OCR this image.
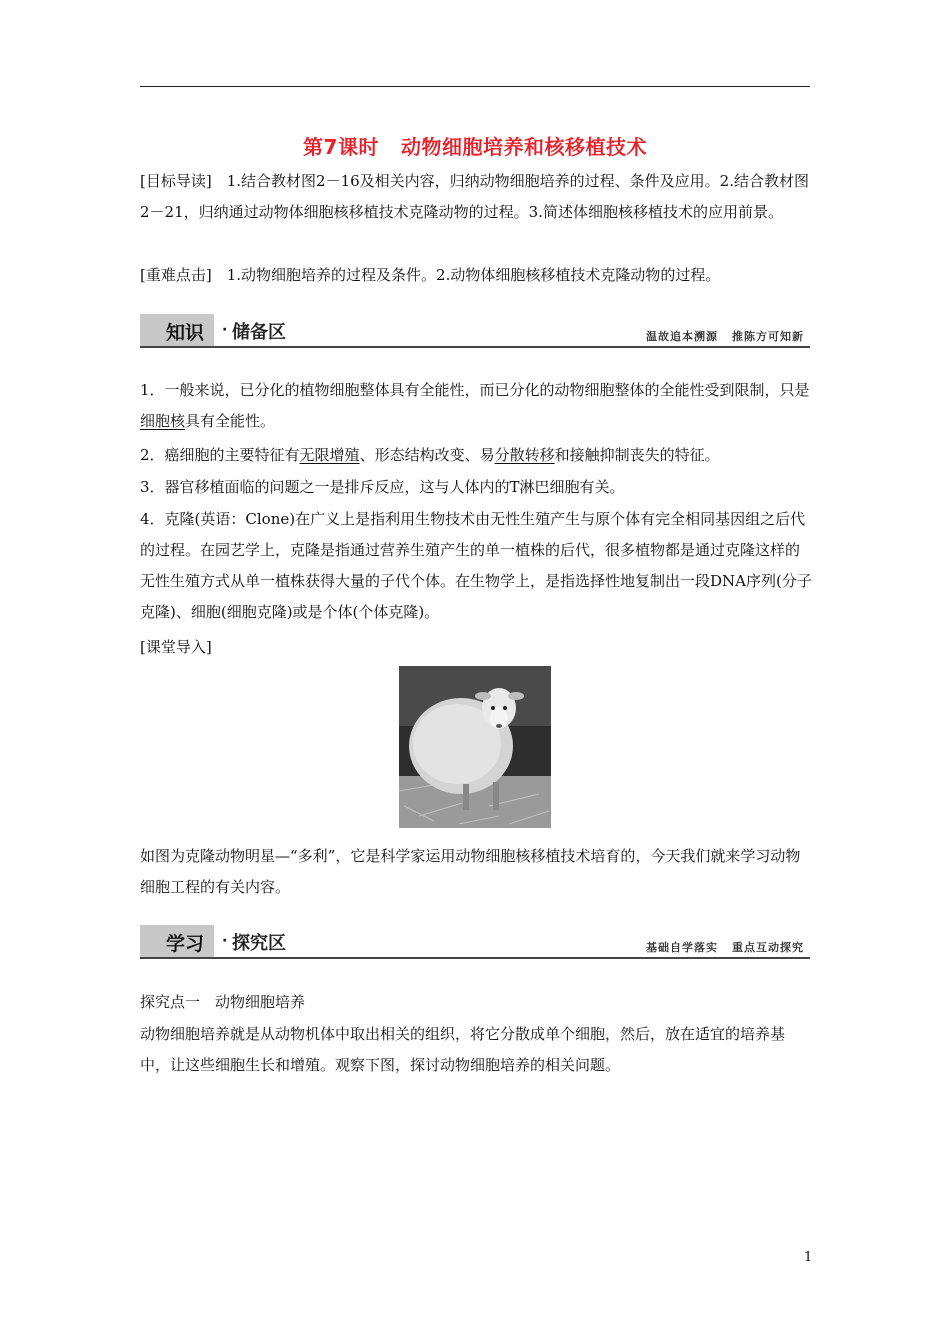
第7课时 动物细胞培养和核移植技术

[目标导读]　1.结合教材图2－16及相关内容，归纳动物细胞培养的过程、条件及应用。2.结合教材图2－21，归纳通过动物体细胞核移植技术克隆动物的过程。3.简述体细胞核移植技术的应用前景。

[重难点击]　1.动物细胞培养的过程及条件。2.动物体细胞核移植技术克隆动物的过程。

知识 · 储备区	温故追本溯源 推陈方可知新

1．一般来说，已分化的植物细胞整体具有全能性，而已分化的动物细胞整体的全能性受到限制，只是细胞核具有全能性。

2．癌细胞的主要特征有无限增殖、形态结构改变、易分散转移和接触抑制丧失的特征。

3．器官移植面临的问题之一是排斥反应，这与人体内的T淋巴细胞有关。

4．克隆(英语：Clone)在广义上是指利用生物技术由无性生殖产生与原个体有完全相同基因组之后代的过程。在园艺学上，克隆是指通过营养生殖产生的单一植株的后代，很多植物都是通过克隆这样的无性生殖方式从单一植株获得大量的子代个体。在生物学上，是指选择性地复制出一段DNA序列(分子克隆)、细胞(细胞克隆)或是个体(个体克隆)。

[课堂导入]

如图为克隆动物明星—“多利”，它是科学家运用动物细胞核移植技术培育的，今天我们就来学习动物细胞工程的有关内容。

学习 · 探究区	基础自学落实 重点互动探究

探究点一　动物细胞培养

动物细胞培养就是从动物机体中取出相关的组织，将它分散成单个细胞，然后，放在适宜的培养基中，让这些细胞生长和增殖。观察下图，探讨动物细胞培养的相关问题。

1
